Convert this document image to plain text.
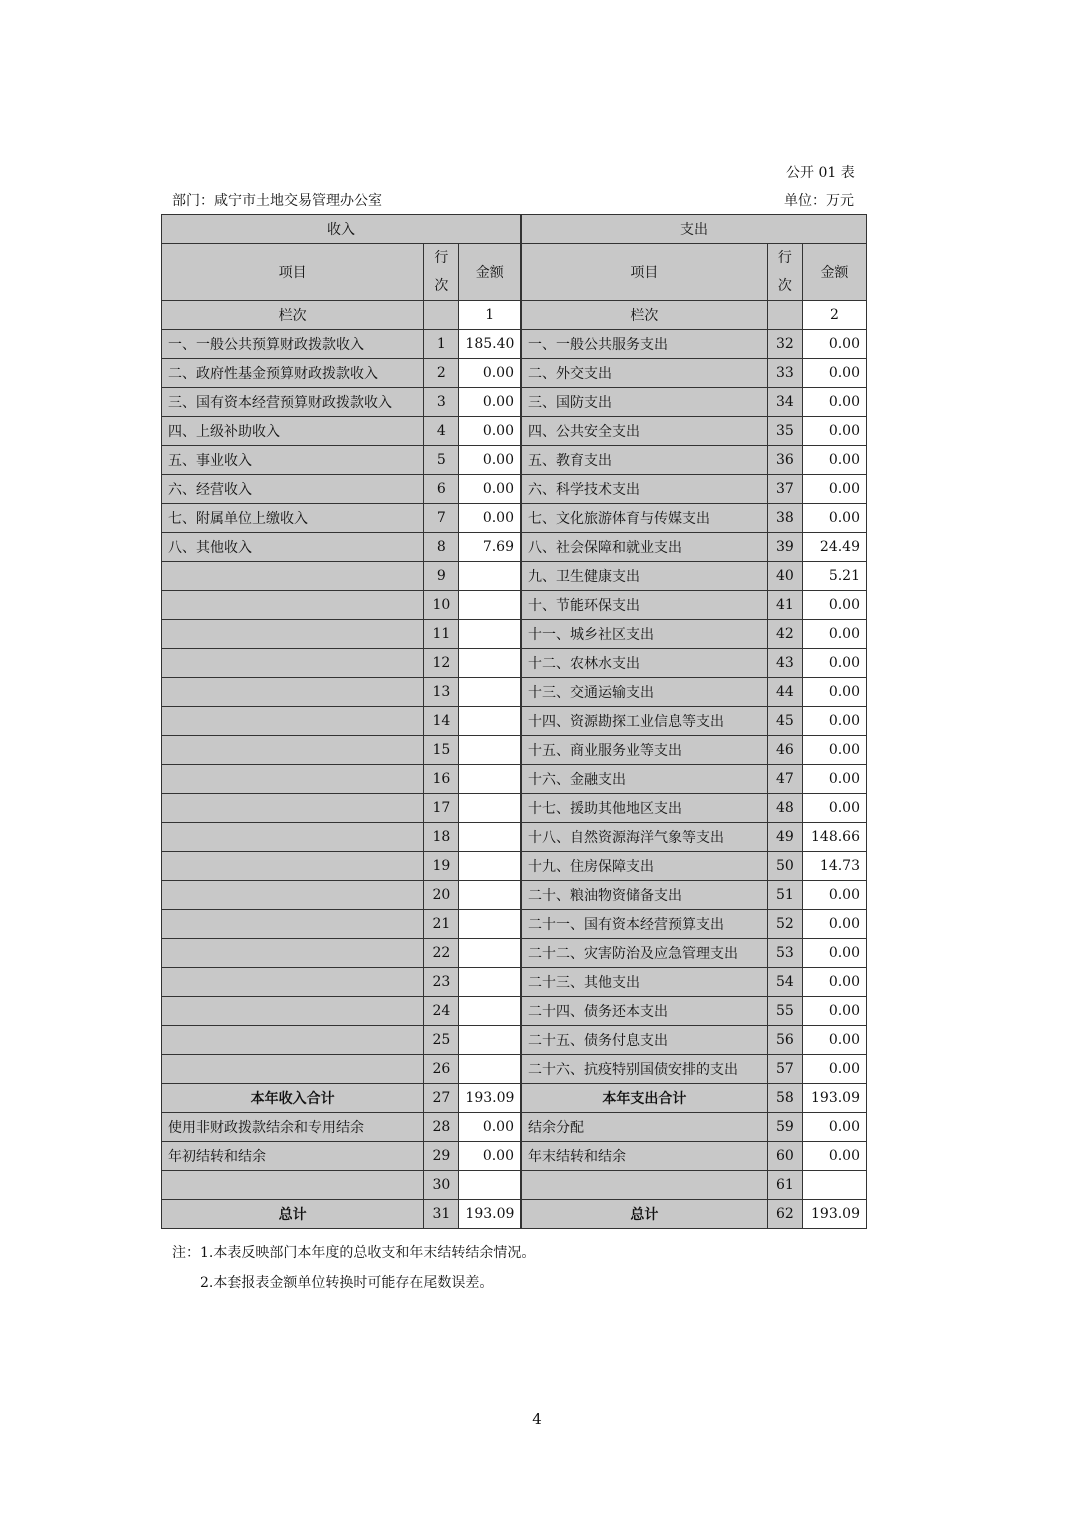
公开 01 表
部门：咸宁市土地交易管理办公室	单位：万元
收入			支出		
项目	行次	金额	项目	行次	金额
栏次		1	栏次		2
一、一般公共预算财政拨款收入	1	185.40	一、一般公共服务支出	32	0.00
二、政府性基金预算财政拨款收入	2	0.00	二、外交支出	33	0.00
三、国有资本经营预算财政拨款收入	3	0.00	三、国防支出	34	0.00
四、上级补助收入	4	0.00	四、公共安全支出	35	0.00
五、事业收入	5	0.00	五、教育支出	36	0.00
六、经营收入	6	0.00	六、科学技术支出	37	0.00
七、附属单位上缴收入	7	0.00	七、文化旅游体育与传媒支出	38	0.00
八、其他收入	8	7.69	八、社会保障和就业支出	39	24.49
	9		九、卫生健康支出	40	5.21
	10		十、节能环保支出	41	0.00
	11		十一、城乡社区支出	42	0.00
	12		十二、农林水支出	43	0.00
	13		十三、交通运输支出	44	0.00
	14		十四、资源勘探工业信息等支出	45	0.00
	15		十五、商业服务业等支出	46	0.00
	16		十六、金融支出	47	0.00
	17		十七、援助其他地区支出	48	0.00
	18		十八、自然资源海洋气象等支出	49	148.66
	19		十九、住房保障支出	50	14.73
	20		二十、粮油物资储备支出	51	0.00
	21		二十一、国有资本经营预算支出	52	0.00
	22		二十二、灾害防治及应急管理支出	53	0.00
	23		二十三、其他支出	54	0.00
	24		二十四、债务还本支出	55	0.00
	25		二十五、债务付息支出	56	0.00
	26		二十六、抗疫特别国债安排的支出	57	0.00
本年收入合计	27	193.09	本年支出合计	58	193.09
使用非财政拨款结余和专用结余	28	0.00	结余分配	59	0.00
年初结转和结余	29	0.00	年末结转和结余	60	0.00
	30			61	
总计	31	193.09	总计	62	193.09
注：1.本表反映部门本年度的总收支和年末结转结余情况。
2.本套报表金额单位转换时可能存在尾数误差。
4
